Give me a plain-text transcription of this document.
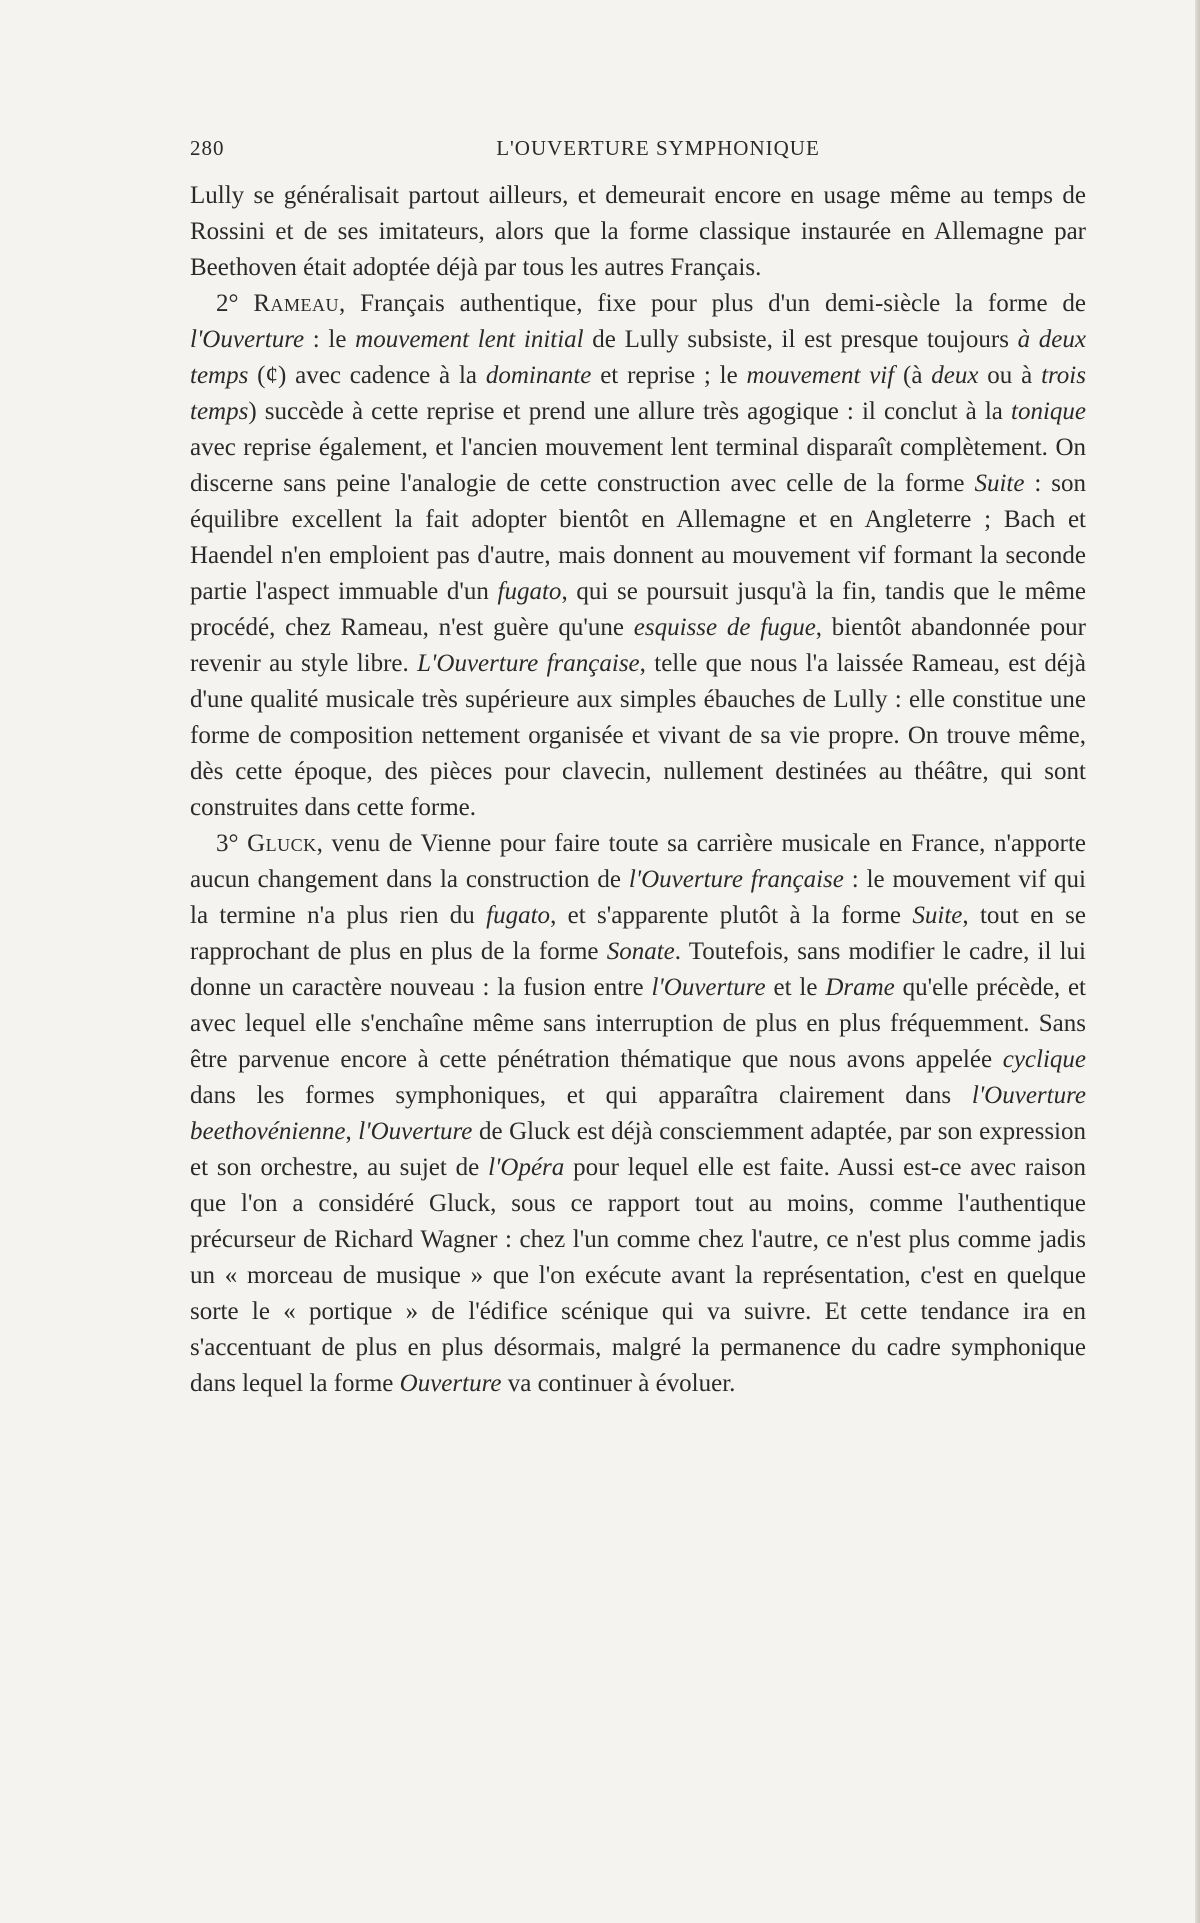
280	L'OUVERTURE SYMPHONIQUE

Lully se généralisait partout ailleurs, et demeurait encore en usage même au temps de Rossini et de ses imitateurs, alors que la forme classique instaurée en Allemagne par Beethoven était adoptée déjà par tous les autres Français.

2° Rameau, Français authentique, fixe pour plus d'un demi-siècle la forme de l'Ouverture : le mouvement lent initial de Lully subsiste, il est presque toujours à deux temps (¢) avec cadence à la dominante et reprise ; le mouvement vif (à deux ou à trois temps) succède à cette reprise et prend une allure très agogique : il conclut à la tonique avec reprise également, et l'ancien mouvement lent terminal disparaît complètement. On discerne sans peine l'analogie de cette construction avec celle de la forme Suite : son équilibre excellent la fait adopter bientôt en Allemagne et en Angleterre ; Bach et Haendel n'en emploient pas d'autre, mais donnent au mouvement vif formant la seconde partie l'aspect immuable d'un fugato, qui se poursuit jusqu'à la fin, tandis que le même procédé, chez Rameau, n'est guère qu'une esquisse de fugue, bientôt abandonnée pour revenir au style libre. L'Ouverture française, telle que nous l'a laissée Rameau, est déjà d'une qualité musicale très supérieure aux simples ébauches de Lully : elle constitue une forme de composition nettement organisée et vivant de sa vie propre. On trouve même, dès cette époque, des pièces pour clavecin, nullement destinées au théâtre, qui sont construites dans cette forme.

3° Gluck, venu de Vienne pour faire toute sa carrière musicale en France, n'apporte aucun changement dans la construction de l'Ouverture française : le mouvement vif qui la termine n'a plus rien du fugato, et s'apparente plutôt à la forme Suite, tout en se rapprochant de plus en plus de la forme Sonate. Toutefois, sans modifier le cadre, il lui donne un caractère nouveau : la fusion entre l'Ouverture et le Drame qu'elle précède, et avec lequel elle s'enchaîne même sans interruption de plus en plus fréquemment. Sans être parvenue encore à cette pénétration thématique que nous avons appelée cyclique dans les formes symphoniques, et qui apparaîtra clairement dans l'Ouverture beethovénienne, l'Ouverture de Gluck est déjà consciemment adaptée, par son expression et son orchestre, au sujet de l'Opéra pour lequel elle est faite. Aussi est-ce avec raison que l'on a considéré Gluck, sous ce rapport tout au moins, comme l'authentique précurseur de Richard Wagner : chez l'un comme chez l'autre, ce n'est plus comme jadis un « morceau de musique » que l'on exécute avant la représentation, c'est en quelque sorte le « portique » de l'édifice scénique qui va suivre. Et cette tendance ira en s'accentuant de plus en plus désormais, malgré la permanence du cadre symphonique dans lequel la forme Ouverture va continuer à évoluer.
